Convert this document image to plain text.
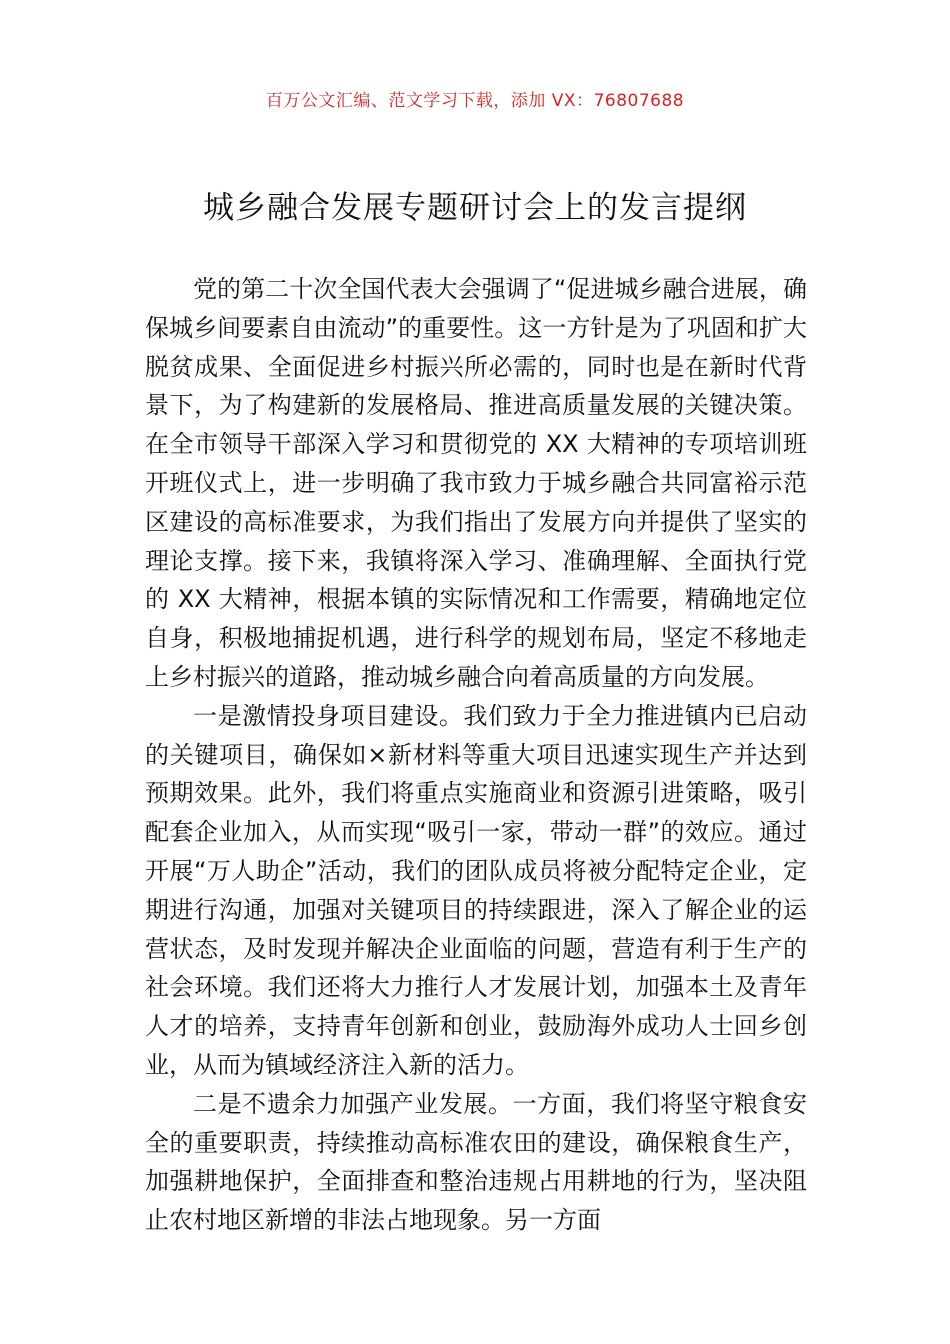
百万公文汇编、范文学习下载，添加 VX：76807688
城乡融合发展专题研讨会上的发言提纲

党的第二十次全国代表大会强调了“促进城乡融合进展，确保城乡间要素自由流动”的重要性。这一方针是为了巩固和扩大脱贫成果、全面促进乡村振兴所必需的，同时也是在新时代背景下，为了构建新的发展格局、推进高质量发展的关键决策。在全市领导干部深入学习和贯彻党的 XX 大精神的专项培训班开班仪式上，进一步明确了我市致力于城乡融合共同富裕示范区建设的高标准要求，为我们指出了发展方向并提供了坚实的理论支撑。接下来，我镇将深入学习、准确理解、全面执行党的 XX 大精神，根据本镇的实际情况和工作需要，精确地定位自身，积极地捕捉机遇，进行科学的规划布局，坚定不移地走上乡村振兴的道路，推动城乡融合向着高质量的方向发展。

一是激情投身项目建设。我们致力于全力推进镇内已启动的关键项目，确保如×新材料等重大项目迅速实现生产并达到预期效果。此外，我们将重点实施商业和资源引进策略，吸引配套企业加入，从而实现“吸引一家，带动一群”的效应。通过开展“万人助企”活动，我们的团队成员将被分配特定企业，定期进行沟通，加强对关键项目的持续跟进，深入了解企业的运营状态，及时发现并解决企业面临的问题，营造有利于生产的社会环境。我们还将大力推行人才发展计划，加强本土及青年人才的培养，支持青年创新和创业，鼓励海外成功人士回乡创业，从而为镇域经济注入新的活力。

二是不遗余力加强产业发展。一方面，我们将坚守粮食安全的重要职责，持续推动高标准农田的建设，确保粮食生产，加强耕地保护，全面排查和整治违规占用耕地的行为，坚决阻止农村地区新增的非法占地现象。另一方面
